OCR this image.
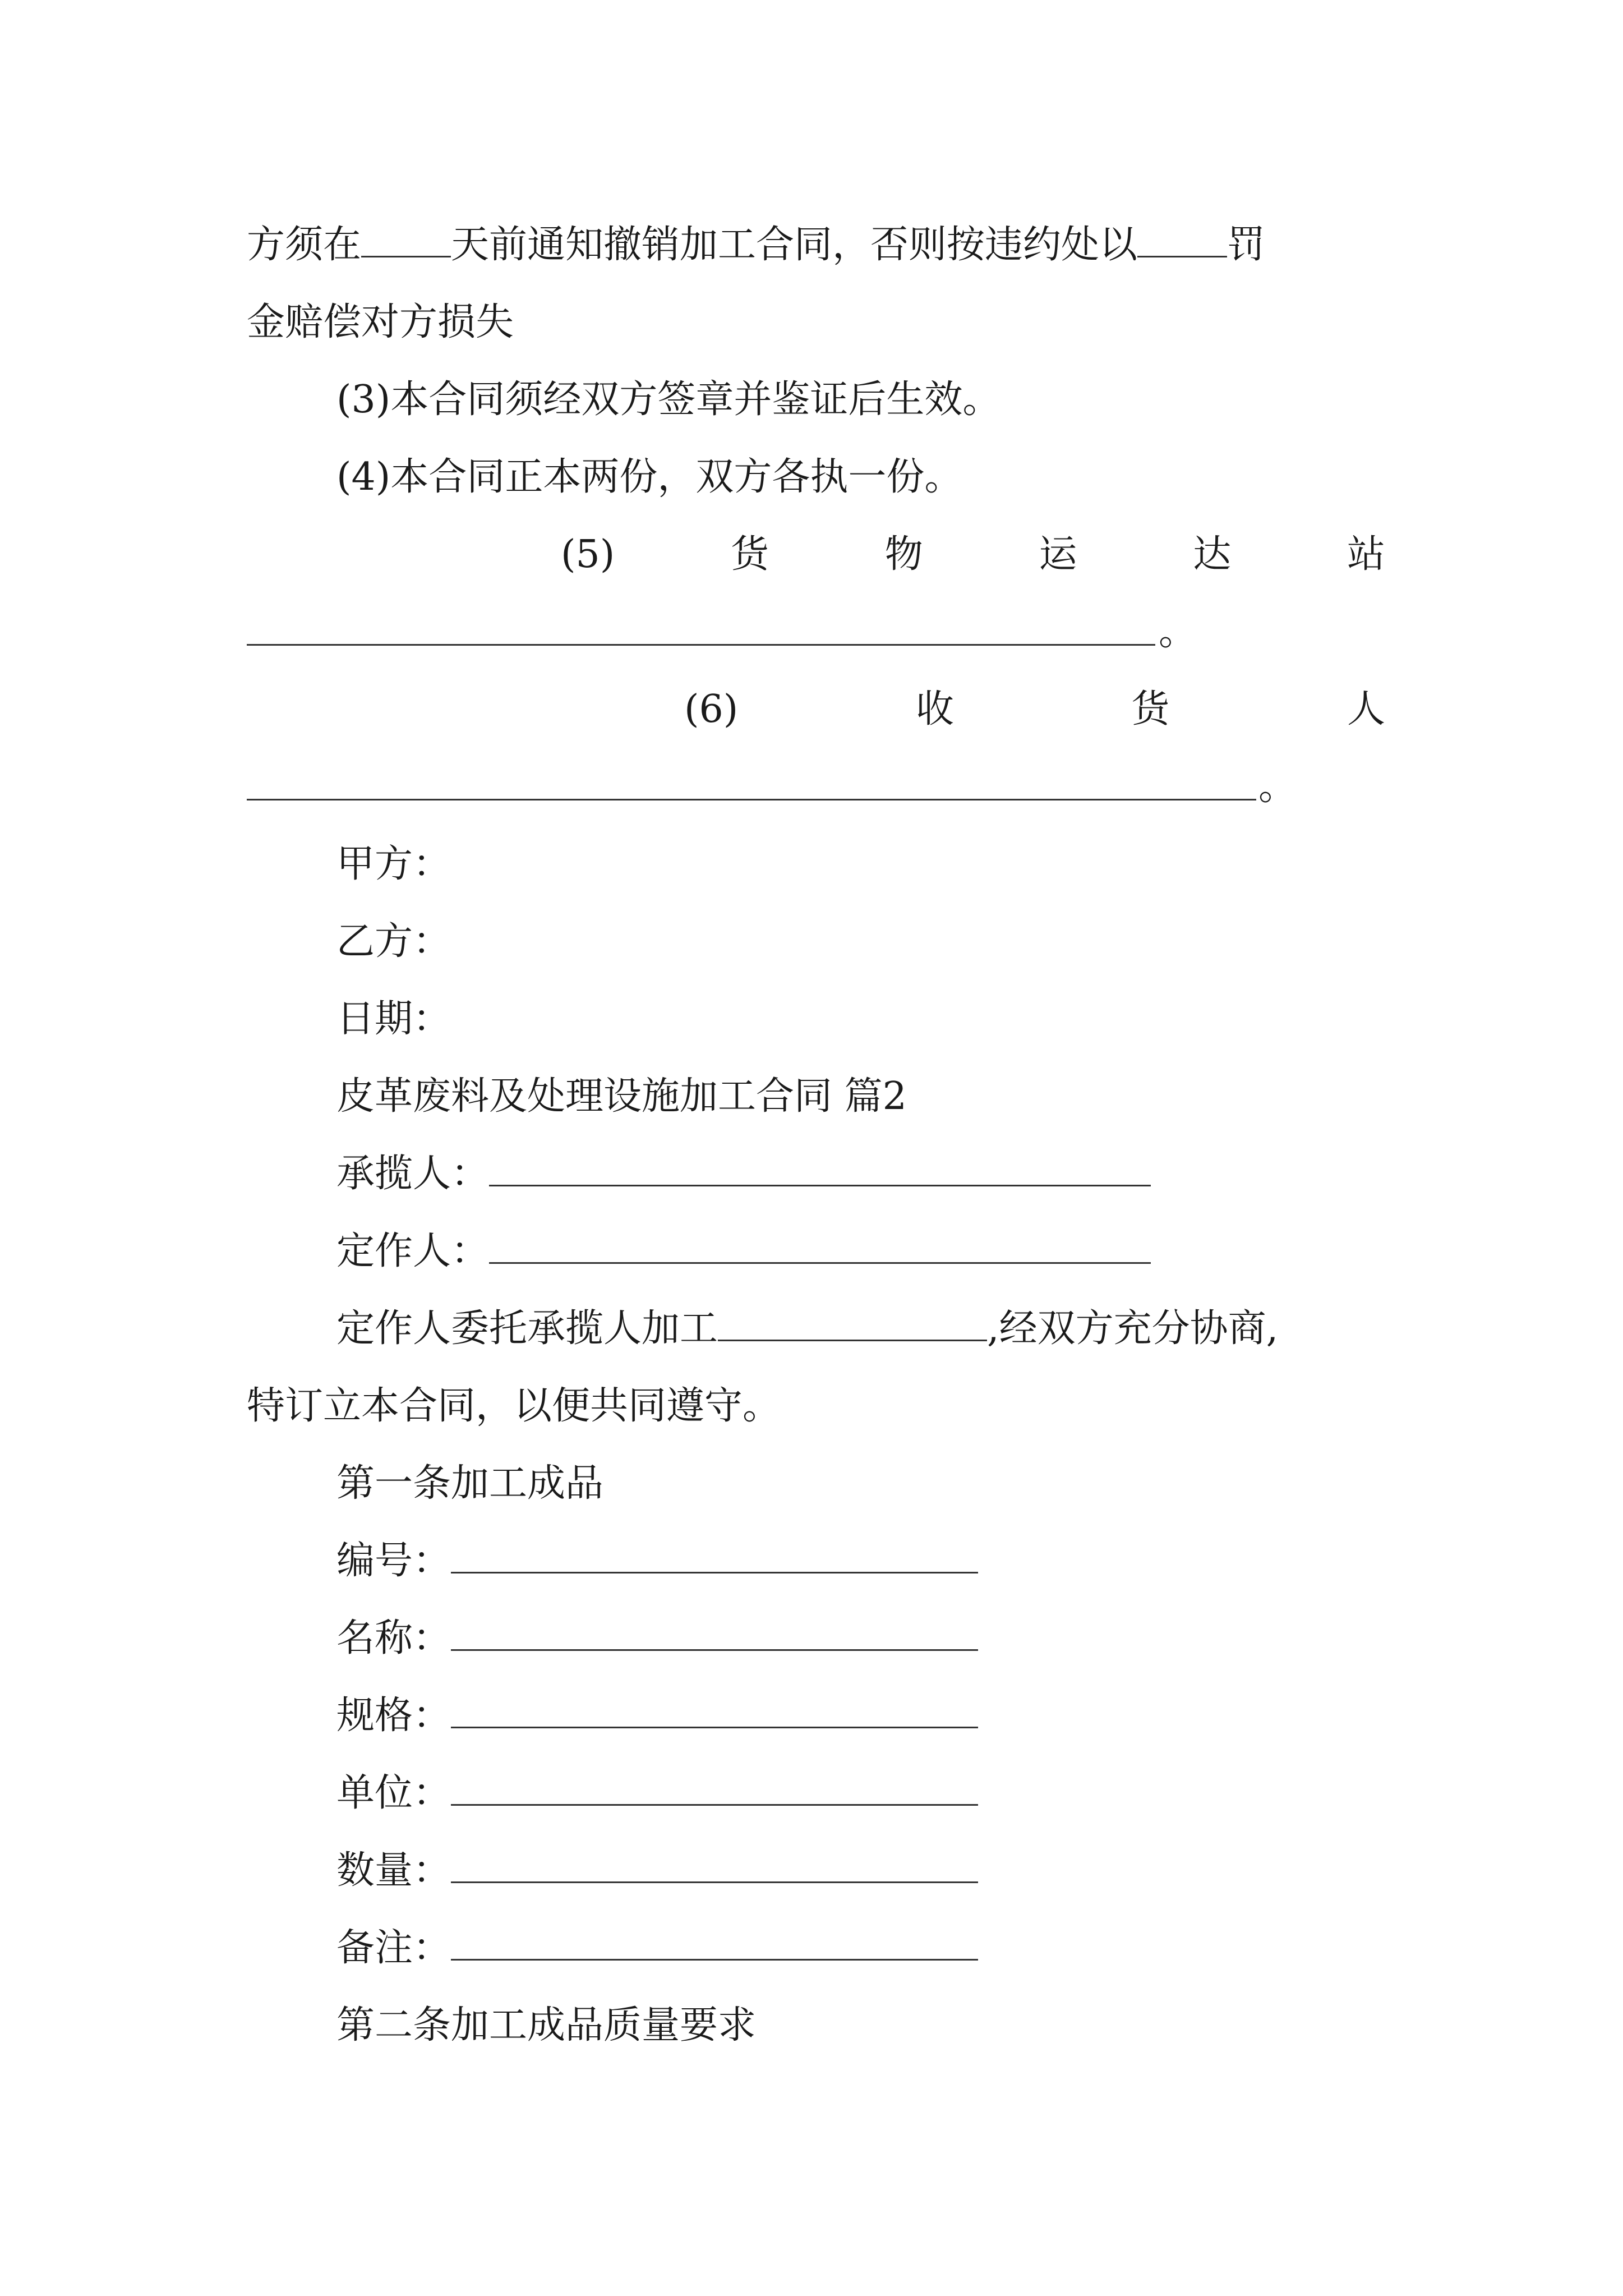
方须在 天前通知撤销加工合同，否则按违约处以 罚
金赔偿对方损失
(3)本合同须经双方签章并鉴证后生效。
(4)本合同正本两份，双方各执一份。
(5)	货	物	运	达	站
。
(6)	收	货	人
。
甲方：
乙方：
日期：
皮革废料及处理设施加工合同 篇2
承揽人：
定作人：
定作人委托承揽人加工	,经双方充分协商,
特订立本合同，以便共同遵守。
第一条加工成品
编号：
名称：
规格：
单位：
数量：
备注：
第二条加工成品质量要求
